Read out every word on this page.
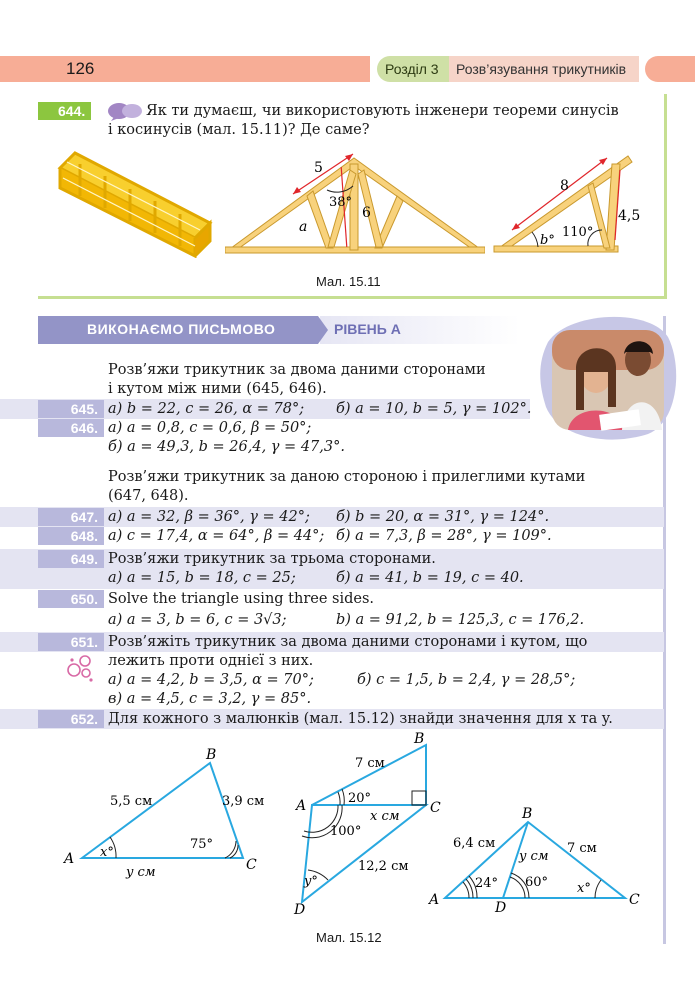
126	Розділ 3 Розв’язування трикутників
644.	Як ти думаєш, чи використовують інженери теореми синусів
і косинусів (мал. 15.11)? Де саме?
5
38°
a
6
8
4,5
b°
110°
Мал. 15.11
ВИКОНАЄМО ПИСЬМОВО	РІВЕНЬ А
Розв’яжи трикутник за двома даними сторонами
і кутом між ними (645, 646).
645. а) b = 22, c = 26, α = 78°; б) a = 10, b = 5, γ = 102°.
646. а) a = 0,8, c = 0,6, β = 50°;
б) a = 49,3, b = 26,4, γ = 47,3°.
Розв’яжи трикутник за даною стороною і прилеглими кутами
(647, 648).
647. а) a = 32, β = 36°, γ = 42°; б) b = 20, α = 31°, γ = 124°.
648. а) c = 17,4, α = 64°, β = 44°; б) a = 7,3, β = 28°, γ = 109°.
649. Розв’яжи трикутник за трьома сторонами.
а) a = 15, b = 18, c = 25;	б) a = 41, b = 19, c = 40.
650. Solve the triangle using three sides.
a) a = 3, b = 6, c = 3√3;	b) a = 91,2, b = 125,3, c = 176,2.
651. Розв’яжіть трикутник за двома даними сторонами і кутом, що
лежить проти однієї з них.
а) a = 4,2, b = 3,5, α = 70°;	б) c = 1,5, b = 2,4, γ = 28,5°;
в) a = 4,5, c = 3,2, γ = 85°.
652. Для кожного з малюнків (мал. 15.12) знайди значення для x та y.
B
A	C
5,5 см	3,9 см
x°
75°
y см
B
A	C
D
7 см
20°
x см
100°
12,2 см
y°
B
A	C
D
6,4 см	7 см
y см
24° 60° x°
Мал. 15.12
